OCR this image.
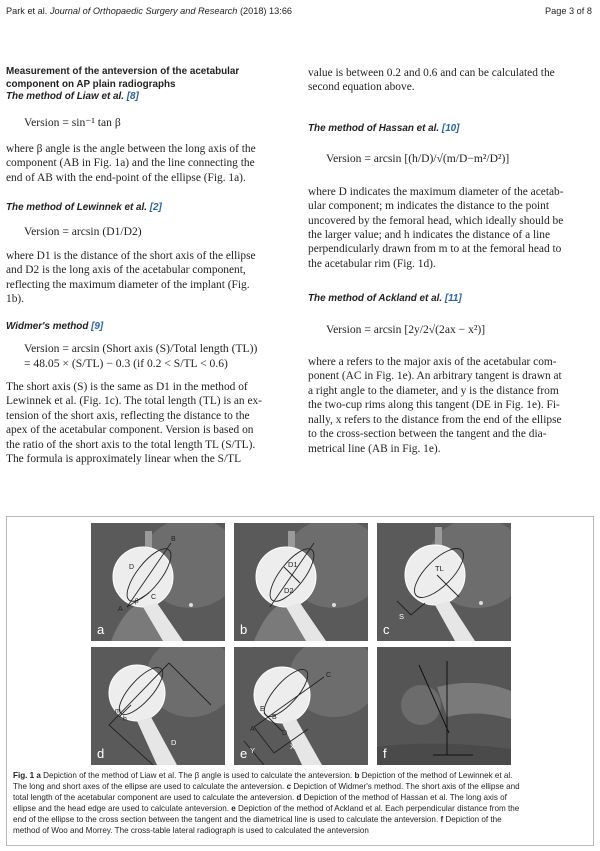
Park et al. Journal of Orthopaedic Surgery and Research (2018) 13:66	Page 3 of 8
Measurement of the anteversion of the acetabular
component on AP plain radiographs
The method of Liaw et al. [8]
Version = sin⁻¹ tan β
where β angle is the angle between the long axis of the
component (AB in Fig. 1a) and the line connecting the
end of AB with the end-point of the ellipse (Fig. 1a).
The method of Lewinnek et al. [2]
Version = arcsin (D1/D2)
where D1 is the distance of the short axis of the ellipse
and D2 is the long axis of the acetabular component,
reflecting the maximum diameter of the implant (Fig.
1b).
Widmer's method [9]
Version = arcsin (Short axis (S)/Total length (TL))
= 48.05 × (S/TL) − 0.3 (if 0.2 < S/TL < 0.6)
The short axis (S) is the same as D1 in the method of
Lewinnek et al. (Fig. 1c). The total length (TL) is an ex-
tension of the short axis, reflecting the distance to the
apex of the acetabular component. Version is based on
the ratio of the short axis to the total length TL (S/TL).
The formula is approximately linear when the S/TL
value is between 0.2 and 0.6 and can be calculated the
second equation above.
The method of Hassan et al. [10]
Version = arcsin [(h/D)/√(m/D−m²/D²)]
where D indicates the maximum diameter of the acetab-
ular component; m indicates the distance to the point
uncovered by the femoral head, which ideally should be
the larger value; and h indicates the distance of a line
perpendicularly drawn from m to at the femoral head to
the acetabular rim (Fig. 1d).
The method of Ackland et al. [11]
Version = arcsin [2y/2√(2ax − x²)]
where a refers to the major axis of the acetabular com-
ponent (AC in Fig. 1e). An arbitrary tangent is drawn at
a right angle to the diameter, and y is the distance from
the two-cup rims along this tangent (DE in Fig. 1e). Fi-
nally, x refers to the distance from the end of the ellipse
to the cross-section between the tangent and the dia-
metrical line (AB in Fig. 1e).
D
B
C
A
β
a
D1
D2
b
TL
S
c
m
h
D
d
C
E
B
D
A
X
Y
e	f
Fig. 1 a Depiction of the method of Liaw et al. The β angle is used to calculate the anteversion. b Depiction of the method of Lewinnek et al.
The long and short axes of the ellipse are used to calculate the anteversion. c Depiction of Widmer's method. The short axis of the ellipse and
total length of the acetabular component are used to calculate the anteversion. d Depiction of the method of Hassan et al. The long axis of
ellipse and the head edge are used to calculate anteversion. e Depiction of the method of Ackland et al. Each perpendicular distance from the
end of the ellipse to the cross section between the tangent and the diametrical line is used to calculate the anteversion. f Depiction of the
method of Woo and Morrey. The cross-table lateral radiograph is used to calculated the anteversion
